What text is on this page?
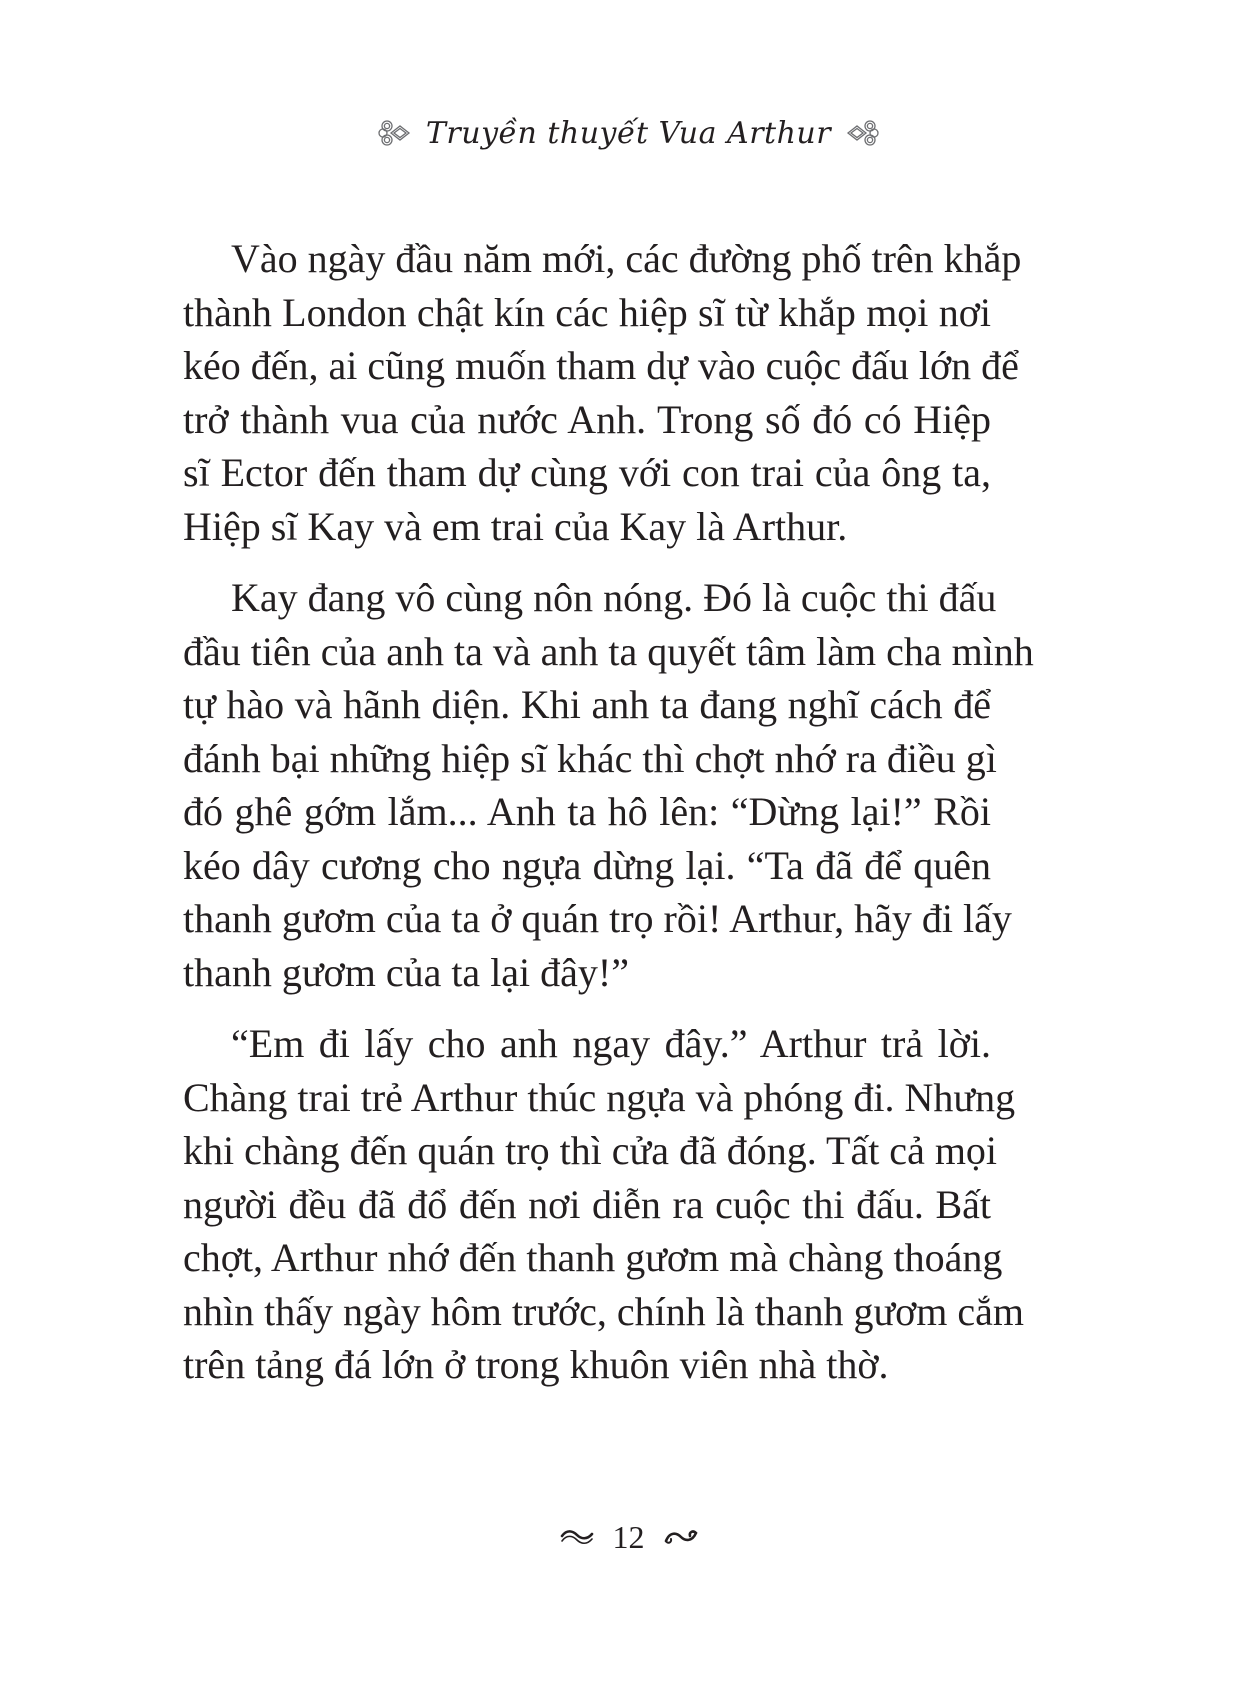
Truyền thuyết Vua Arthur

Vào ngày đầu năm mới, các đường phố trên khắp
thành London chật kín các hiệp sĩ từ khắp mọi nơi
kéo đến, ai cũng muốn tham dự vào cuộc đấu lớn để
trở thành vua của nước Anh. Trong số đó có Hiệp
sĩ Ector đến tham dự cùng với con trai của ông ta,
Hiệp sĩ Kay và em trai của Kay là Arthur.

Kay đang vô cùng nôn nóng. Đó là cuộc thi đấu
đầu tiên của anh ta và anh ta quyết tâm làm cha mình
tự hào và hãnh diện. Khi anh ta đang nghĩ cách để
đánh bại những hiệp sĩ khác thì chợt nhớ ra điều gì
đó ghê gớm lắm... Anh ta hô lên: “Dừng lại!” Rồi
kéo dây cương cho ngựa dừng lại. “Ta đã để quên
thanh gươm của ta ở quán trọ rồi! Arthur, hãy đi lấy
thanh gươm của ta lại đây!”

“Em đi lấy cho anh ngay đây.” Arthur trả lời.
Chàng trai trẻ Arthur thúc ngựa và phóng đi. Nhưng
khi chàng đến quán trọ thì cửa đã đóng. Tất cả mọi
người đều đã đổ đến nơi diễn ra cuộc thi đấu. Bất
chợt, Arthur nhớ đến thanh gươm mà chàng thoáng
nhìn thấy ngày hôm trước, chính là thanh gươm cắm
trên tảng đá lớn ở trong khuôn viên nhà thờ.

12
